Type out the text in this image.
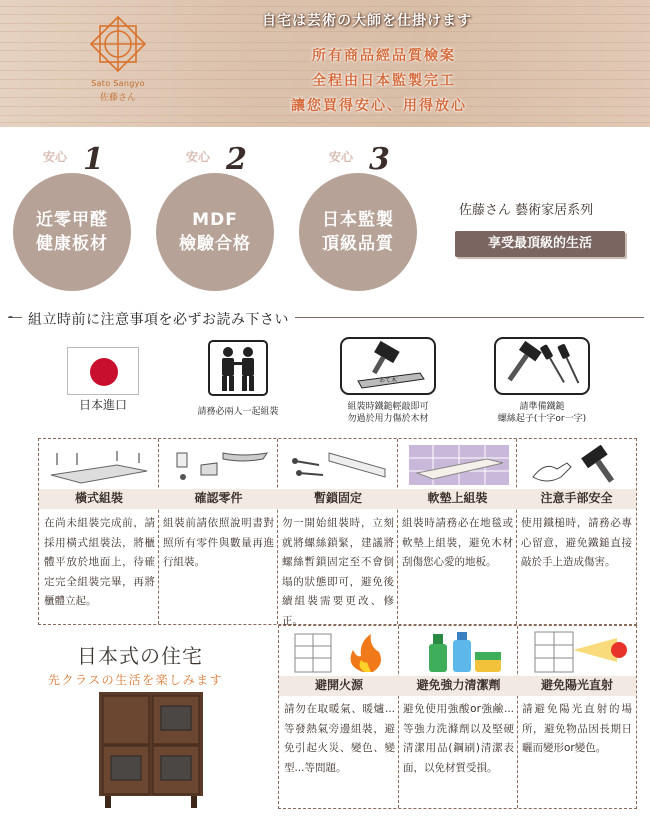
Sato Sangyo
佐藤さん
自宅は芸術の大師を仕掛けます
所有商品經品質檢案
全程由日本監製完工
讓您買得安心、用得放心
安心 1
近零甲醛
健康板材
安心 2
MDF
檢驗合格
安心 3
日本監製
頂級品質
佐藤さん 藝術家居系列
享受最頂級的生活
-	組立時前に注意事項を必ずお読み下さい
日本進口	請務必兩人一起組裝
あて木
組裝時鐵鎚輕敲即可
勿過於用力傷於木材
請準備鐵鎚
螺絲起子(十字or一字)
橫式組裝	確認零件	暫鎖固定	軟墊上組裝	注意手部安全
在尚未組裝完成前，請採用橫式組裝法，將櫃體平放於地面上，待確定完全組裝完畢，再將櫃體立起。
組裝前請依照說明書對照所有零件與數量再進行組裝。
勿一開始組裝時，立刻就將螺絲鎖緊，建議將螺絲暫鎖固定至不會倒塌的狀態即可，避免後續組裝需要更改、修正。
組裝時請務必在地毯或軟墊上組裝，避免木材刮傷您心愛的地板。
使用鐵槌時，請務必專心留意，避免鐵鎚直接敲於手上造成傷害。
日本式の住宅
先クラスの生活を楽しみます	避開火源	避免強力清潔劑	避免陽光直射
請勿在取暖氣、暖爐...等發熱氣旁邊組裝，避免引起火災、變色、變型...等問題。
避免使用強酸or強鹼...等強力洗滌劑以及堅硬清潔用品(鋼刷)清潔表面，以免材質受損。
請避免陽光直射的場所，避免物品因長期日曬而變形or變色。
